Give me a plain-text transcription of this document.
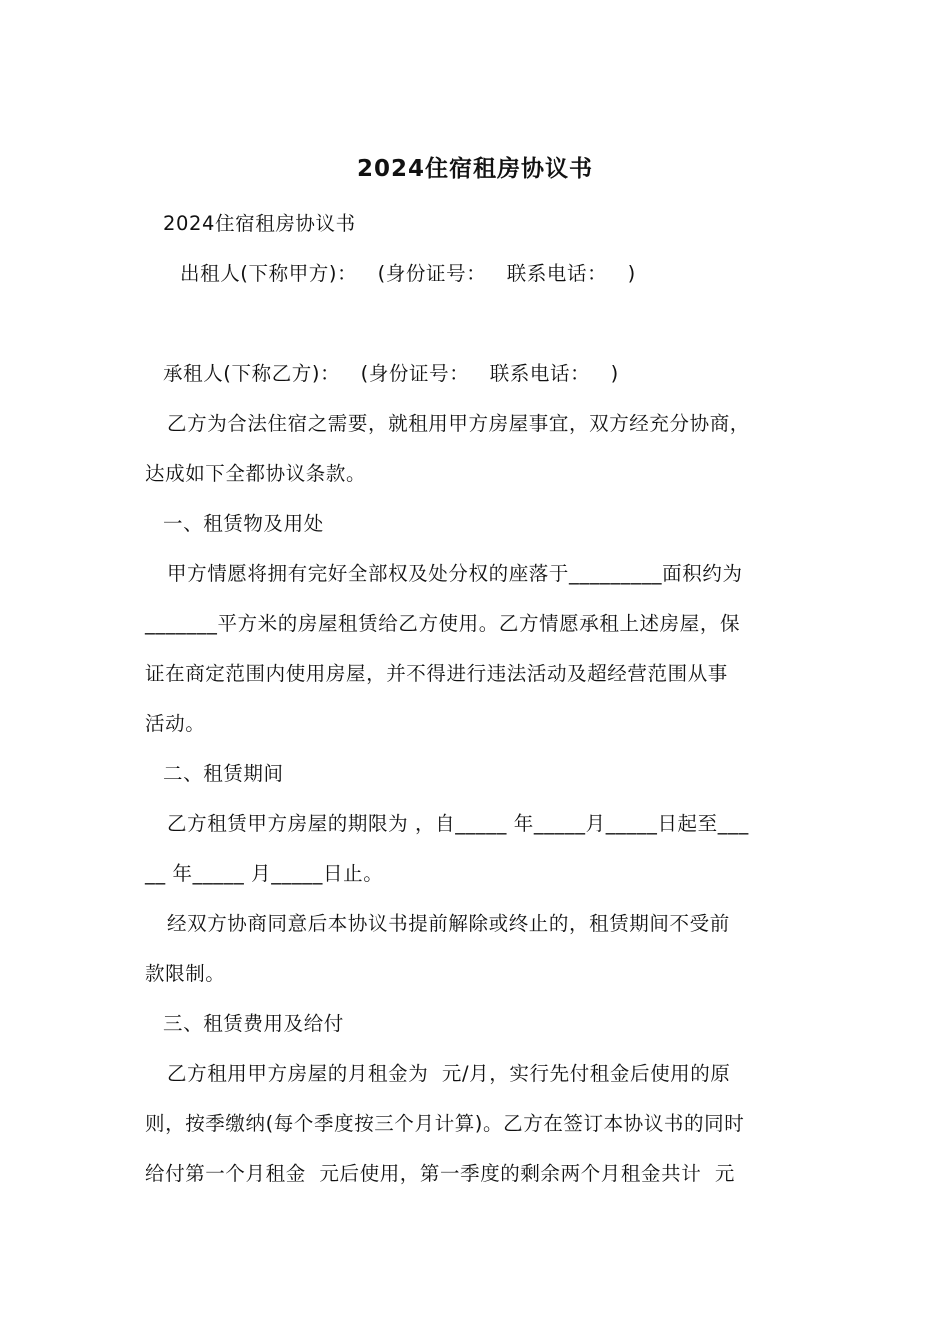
2024住宿租房协议书
2024住宿租房协议书
出租人(下称甲方)：   (身份证号：   联系电话：   )
承租人(下称乙方)：   (身份证号：   联系电话：   )
乙方为合法住宿之需要，就租用甲方房屋事宜，双方经充分协商，
达成如下全都协议条款。
一、租赁物及用处
甲方情愿将拥有完好全部权及处分权的座落于_________面积约为
_______平方米的房屋租赁给乙方使用。乙方情愿承租上述房屋，保
证在商定范围内使用房屋，并不得进行违法活动及超经营范围从事
活动。
二、租赁期间
乙方租赁甲方房屋的期限为 ，自_____ 年_____月_____日起至___
__ 年_____ 月_____日止。
经双方协商同意后本协议书提前解除或终止的，租赁期间不受前
款限制。
三、租赁费用及给付
乙方租用甲方房屋的月租金为  元/月，实行先付租金后使用的原
则，按季缴纳(每个季度按三个月计算)。乙方在签订本协议书的同时
给付第一个月租金  元后使用，第一季度的剩余两个月租金共计  元
